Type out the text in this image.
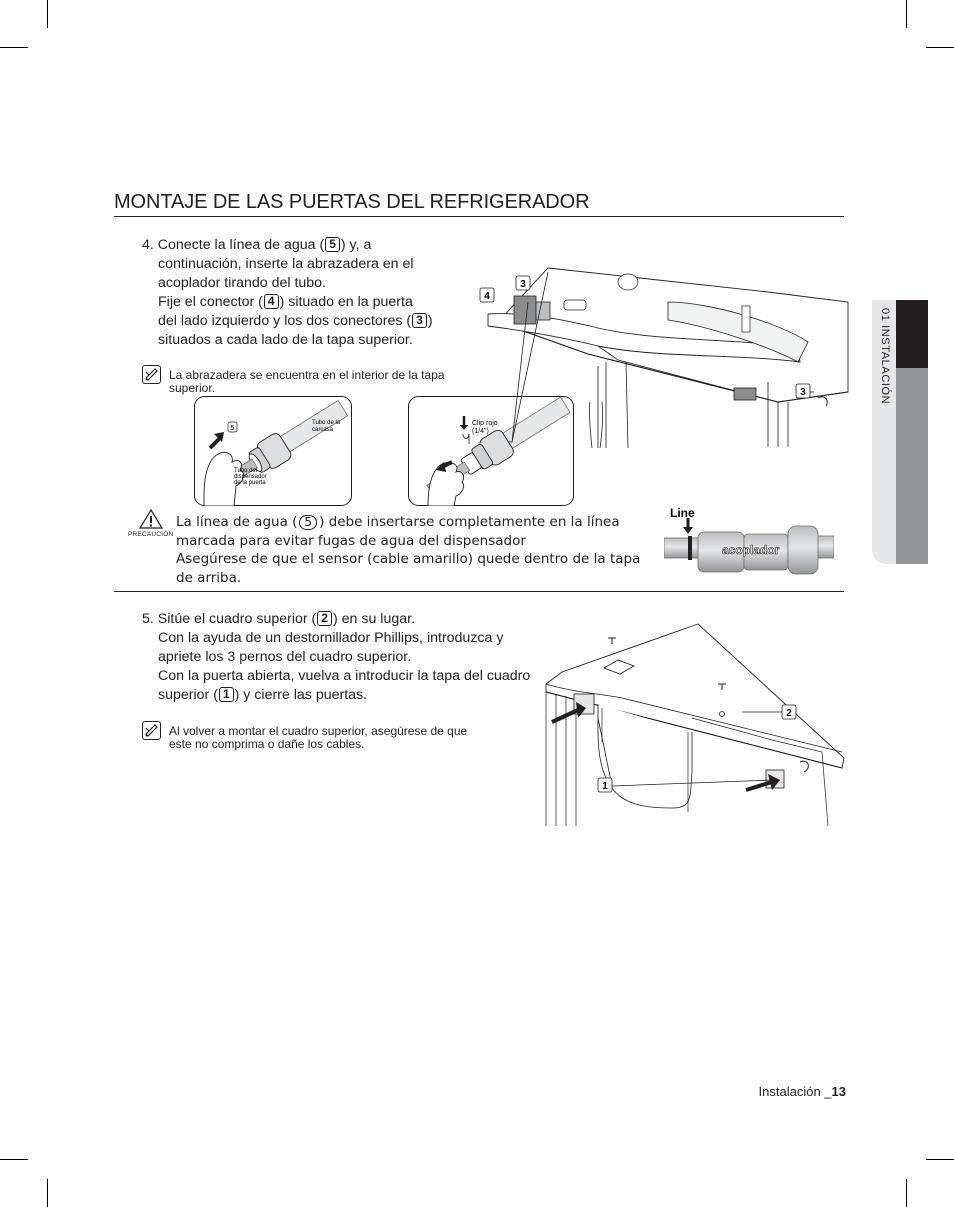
01 INSTALACIÓN
MONTAJE DE LAS PUERTAS DEL REFRIGERADOR
4. Conecte la línea de agua ( 5 ) y, a
continuación, inserte la abrazadera en el
acoplador tirando del tubo.
Fije el conector ( 4 ) situado en la puerta
del lado izquierdo y los dos conectores ( 3 )
situados a cada lado de la tapa superior.
La abrazadera se encuentra en el interior de la tapa superior.
5
Tubo de la
carcasa
Tubo del
dispensador
de la puerta
Clip rojo
(1/4")
3
4
3
PRECAUCIÓN
La línea de agua ( 5 ) debe insertarse completamente en la línea
marcada para evitar fugas de agua del dispensador
Asegúrese de que el sensor (cable amarillo) quede dentro de la tapa
de arriba.
Line
acoplador
5. Sitúe el cuadro superior ( 2 ) en su lugar.
Con la ayuda de un destornillador Phillips, introduzca y
apriete los 3 pernos del cuadro superior.
Con la puerta abierta, vuelva a introducir la tapa del cuadro
superior ( 1 ) y cierre las puertas.
Al volver a montar el cuadro superior, asegúrese de que este no comprima o dañe los cables.
2
1
Instalación _13
